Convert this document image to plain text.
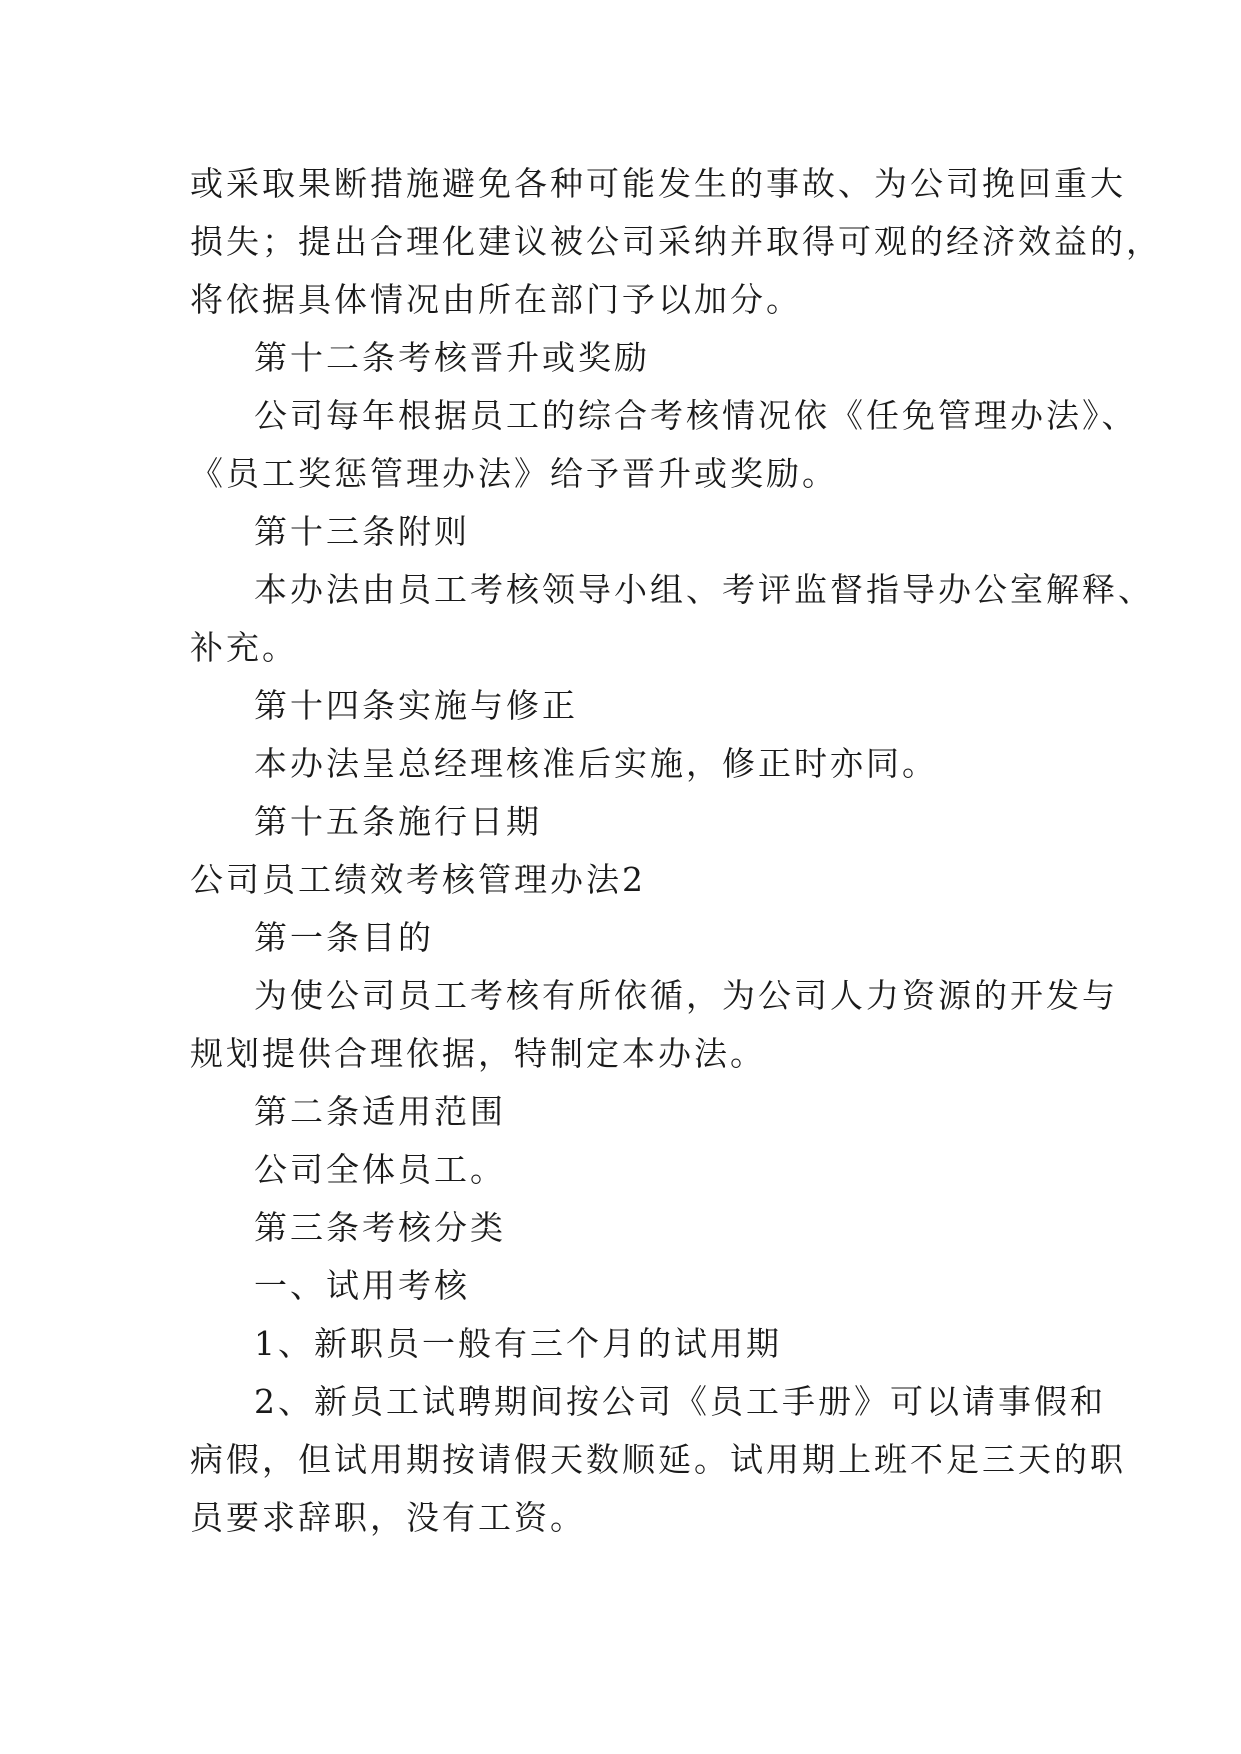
或采取果断措施避免各种可能发生的事故、为公司挽回重大
损失；提出合理化建议被公司采纳并取得可观的经济效益的，
将依据具体情况由所在部门予以加分。
第十二条考核晋升或奖励
公司每年根据员工的综合考核情况依《任免管理办法》、
《员工奖惩管理办法》给予晋升或奖励。
第十三条附则
本办法由员工考核领导小组、考评监督指导办公室解释、
补充。
第十四条实施与修正
本办法呈总经理核准后实施，修正时亦同。
第十五条施行日期
公司员工绩效考核管理办法2
第一条目的
为使公司员工考核有所依循，为公司人力资源的开发与
规划提供合理依据，特制定本办法。
第二条适用范围
公司全体员工。
第三条考核分类
一、试用考核
1、新职员一般有三个月的试用期
2、新员工试聘期间按公司《员工手册》可以请事假和
病假，但试用期按请假天数顺延。试用期上班不足三天的职
员要求辞职，没有工资。
